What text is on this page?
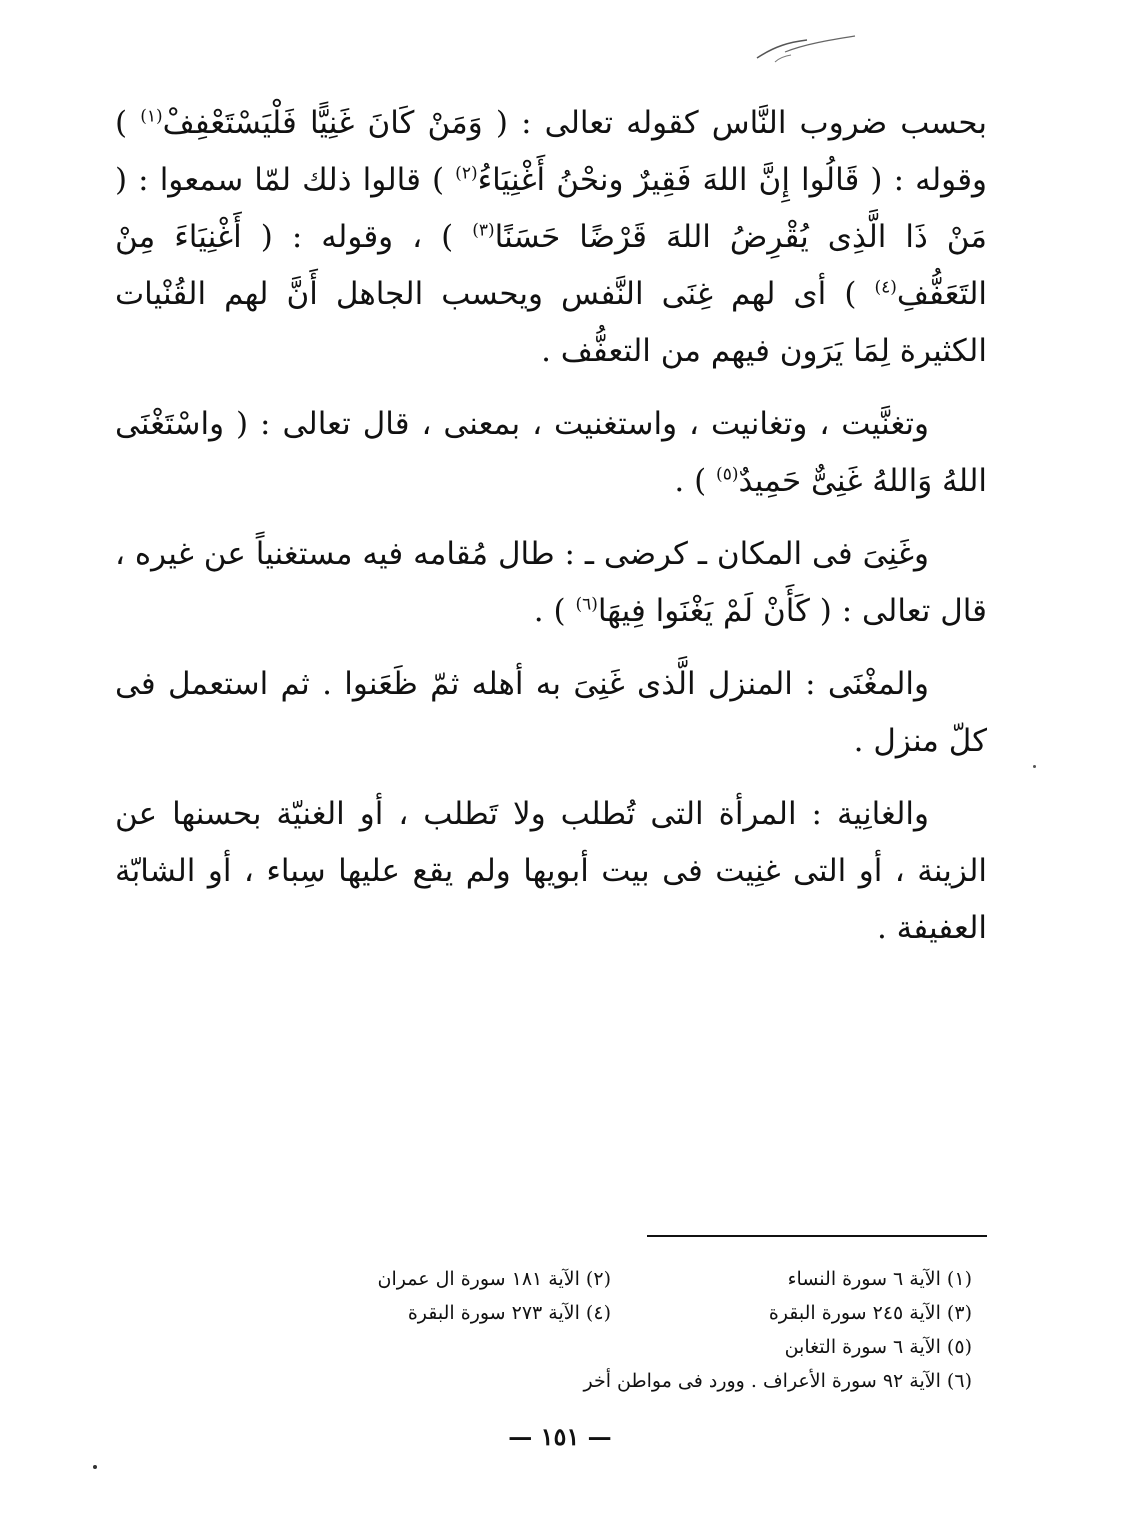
بحسب ضروب النَّاس كقوله تعالى : ( وَمَنْ كَانَ غَنِيًّا فَلْيَسْتَعْفِفْ$^{(١)}$ ) وقوله : ( قَالُوا إِنَّ اللهَ فَقِيرٌ ونحْنُ أَغْنِيَاءُ$^{(٢)}$ ) قالوا ذلك لمّا سمعوا : ( مَنْ ذَا الَّذِى يُقْرِضُ اللهَ قَرْضًا حَسَنًا$^{(٣)}$ ) ، وقوله : ( أَغْنِيَاءَ مِنْ التَعَفُّفِ$^{(٤)}$ ) أى لهم غِنَى النَّفس ويحسب الجاهل أَنَّ لهم القُنْيات الكثيرة لِمَا يَرَون فيهم من التعفُّف .

وتغنَّيت ، وتغانيت ، واستغنيت ، بمعنى ، قال تعالى : ( واسْتَغْنَى اللهُ وَاللهُ غَنِىٌّ حَمِيدٌ$^{(٥)}$ ) .

وغَنِىَ فى المكان ـ كرضى ـ : طال مُقامه فيه مستغنياً عن غيره ، قال تعالى : ( كَأَنْ لَمْ يَغْنَوا فِيهَا$^{(٦)}$ ) .

والمغْنَى : المنزل الَّذى غَنِىَ به أهله ثمّ ظَعَنوا . ثم استعمل فى كلّ منزل .

والغانِية : المرأة التى تُطلب ولا تَطلب ، أو الغنيّة بحسنها عن الزينة ، أو التى غنِيت فى بيت أبويها ولم يقع عليها سِباء ، أو الشابّة العفيفة .

(١) الآية ٦ سورة النساء
(٢) الآية ١٨١ سورة ال عمران
(٣) الآية ٢٤٥ سورة البقرة
(٤) الآية ٢٧٣ سورة البقرة
(٥) الآية ٦ سورة التغابن
(٦) الآية ٩٢ سورة الأعراف . وورد فى مواطن أخر
— ١٥١ —
